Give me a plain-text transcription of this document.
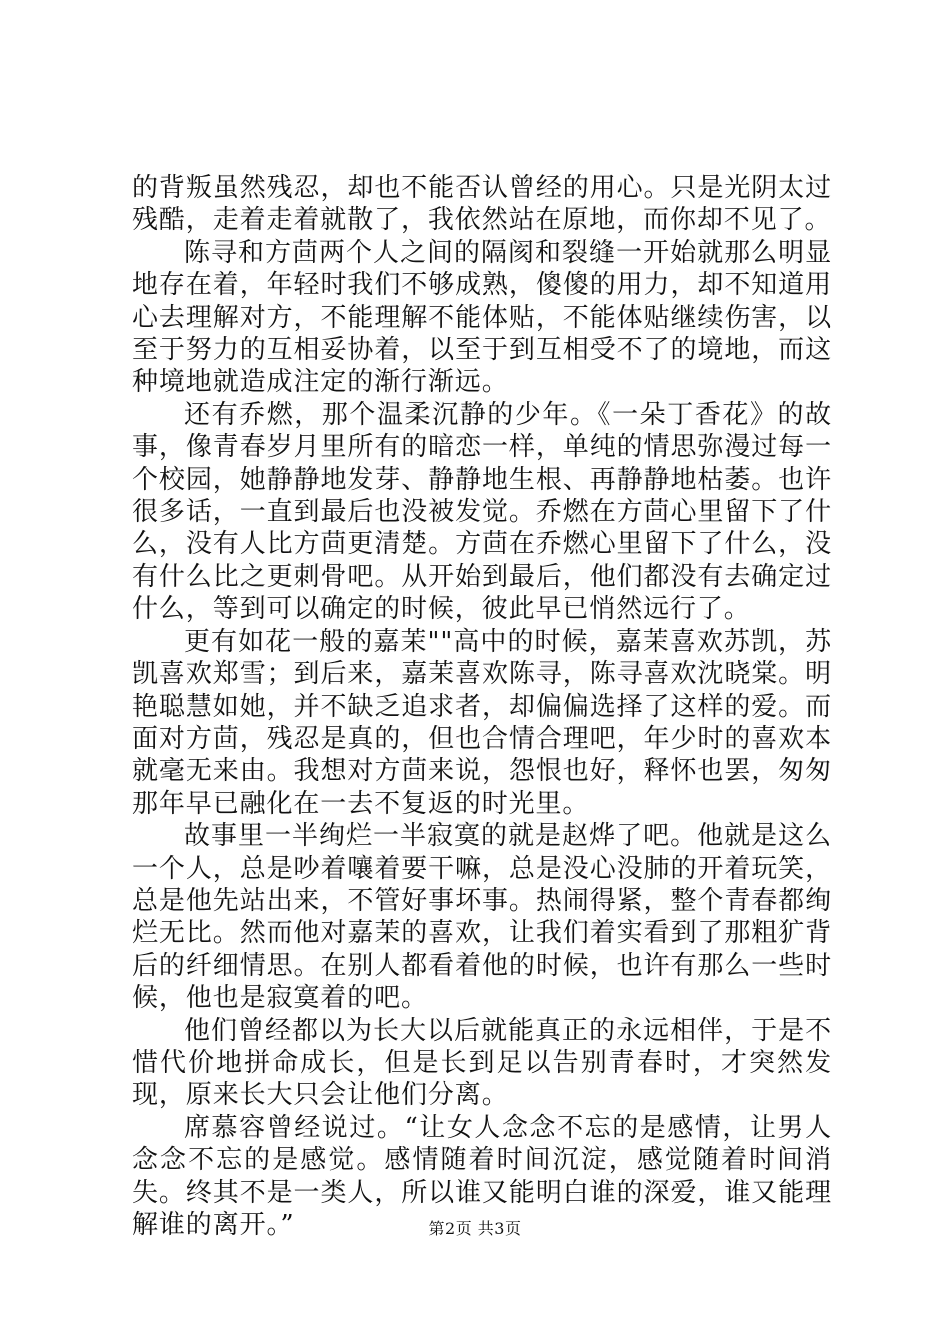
的背叛虽然残忍，却也不能否认曾经的用心。只是光阴太过残酷，走着走着就散了，我依然站在原地，而你却不见了。

陈寻和方茴两个人之间的隔阂和裂缝一开始就那么明显地存在着，年轻时我们不够成熟，傻傻的用力，却不知道用心去理解对方，不能理解不能体贴，不能体贴继续伤害，以至于努力的互相妥协着，以至于到互相受不了的境地，而这种境地就造成注定的渐行渐远。

还有乔燃，那个温柔沉静的少年。《一朵丁香花》的故事，像青春岁月里所有的暗恋一样，单纯的情思弥漫过每一个校园，她静静地发芽、静静地生根、再静静地枯萎。也许很多话，一直到最后也没被发觉。乔燃在方茴心里留下了什么，没有人比方茴更清楚。方茴在乔燃心里留下了什么，没有什么比之更刺骨吧。从开始到最后，他们都没有去确定过什么，等到可以确定的时候，彼此早已悄然远行了。

更有如花一般的嘉茉""高中的时候，嘉茉喜欢苏凯，苏凯喜欢郑雪；到后来，嘉茉喜欢陈寻，陈寻喜欢沈晓棠。明艳聪慧如她，并不缺乏追求者，却偏偏选择了这样的爱。而面对方茴，残忍是真的，但也合情合理吧，年少时的喜欢本就毫无来由。我想对方茴来说，怨恨也好，释怀也罢，匆匆那年早已融化在一去不复返的时光里。

故事里一半绚烂一半寂寞的就是赵烨了吧。他就是这么一个人，总是吵着嚷着要干嘛，总是没心没肺的开着玩笑，总是他先站出来，不管好事坏事。热闹得紧，整个青春都绚烂无比。然而他对嘉茉的喜欢，让我们着实看到了那粗犷背后的纤细情思。在别人都看着他的时候，也许有那么一些时候，他也是寂寞着的吧。

他们曾经都以为长大以后就能真正的永远相伴，于是不惜代价地拼命成长，但是长到足以告别青春时，才突然发现，原来长大只会让他们分离。

席慕容曾经说过。“让女人念念不忘的是感情，让男人念念不忘的是感觉。感情随着时间沉淀，感觉随着时间消失。终其不是一类人，所以谁又能明白谁的深爱，谁又能理解谁的离开。”	第2页 共3页
